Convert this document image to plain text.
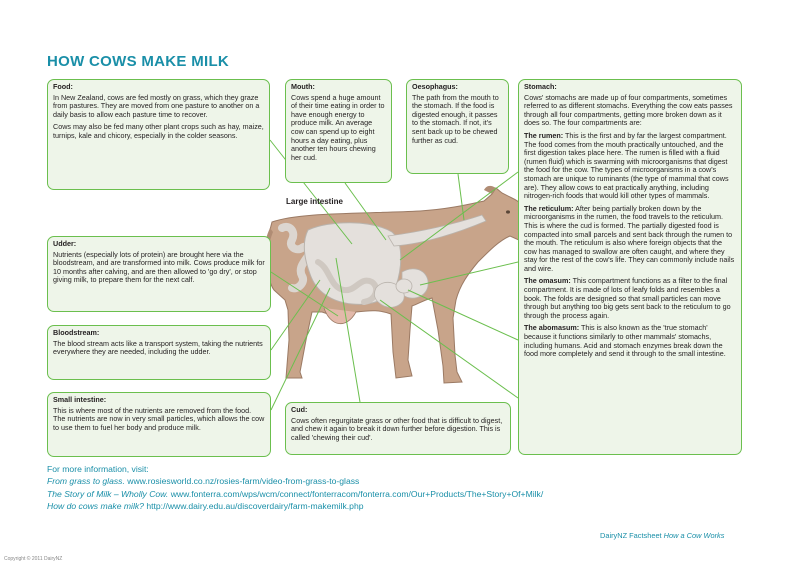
HOW COWS MAKE MILK
Large intestine
Food:

In New Zealand, cows are fed mostly on grass, which they graze from pastures. They are moved from one pasture to another on a daily basis to allow each pasture time to recover.

Cows may also be fed many other plant crops such as hay, maize, turnips, kale and chicory, especially in the colder seasons.

Mouth:

Cows spend a huge amount of their time eating in order to have enough energy to produce milk. An average cow can spend up to eight hours a day eating, plus another ten hours chewing her cud.

Oesophagus:

The path from the mouth to the stomach. If the food is digested enough, it passes to the stomach. If not, it's sent back up to be chewed further as cud.

Stomach:

Cows' stomachs are made up of four compartments, sometimes referred to as different stomachs. Everything the cow eats passes through all four compartments, getting more broken down as it does so. The four compartments are:

The rumen: This is the first and by far the largest compartment. The food comes from the mouth practically untouched, and the first digestion takes place here. The rumen is filled with a fluid (rumen fluid) which is swarming with microorganisms that digest the food for the cow. The types of microorganisms in a cow's stomach are unique to ruminants (the type of mammal that cows are). They allow cows to eat practically anything, including nitrogen-rich foods that would kill other types of mammals.

The reticulum: After being partially broken down by the microorganisms in the rumen, the food travels to the reticulum. This is where the cud is formed. The partially digested food is compacted into small parcels and sent back through the rumen to the mouth. The reticulum is also where foreign objects that the cow has managed to swallow are often caught, and where they stay for the rest of the cow's life. They can commonly include nails and wire.

The omasum: This compartment functions as a filter to the final compartment. It is made of lots of leafy folds and resembles a book. The folds are designed so that small particles can move through but anything too big gets sent back to the reticulum to go through the process again.

The abomasum: This is also known as the 'true stomach' because it functions similarly to other mammals' stomachs, including humans. Acid and stomach enzymes break down the food more completely and send it through to the small intestine.

Udder:

Nutrients (especially lots of protein) are brought here via the bloodstream, and are transformed into milk. Cows produce milk for 10 months after calving, and are then allowed to 'go dry', or stop giving milk, to prepare them for the next calf.

Bloodstream:

The blood stream acts like a transport system, taking the nutrients everywhere they are needed, including the udder.

Small intestine:

This is where most of the nutrients are removed from the food. The nutrients are now in very small particles, which allows the cow to use them to fuel her body and produce milk.

Cud:

Cows often regurgitate grass or other food that is difficult to digest, and chew it again to break it down further before digestion. This is called 'chewing their cud'.

For more information, visit:
From grass to glass. www.rosiesworld.co.nz/rosies-farm/video-from-grass-to-glass
The Story of Milk – Wholly Cow. www.fonterra.com/wps/wcm/connect/fonterracom/fonterra.com/Our+Products/The+Story+Of+Milk/
How do cows make milk? http://www.dairy.edu.au/discoverdairy/farm-makemilk.php
DairyNZ Factsheet How a Cow Works
Copyright © 2011 DairyNZ
